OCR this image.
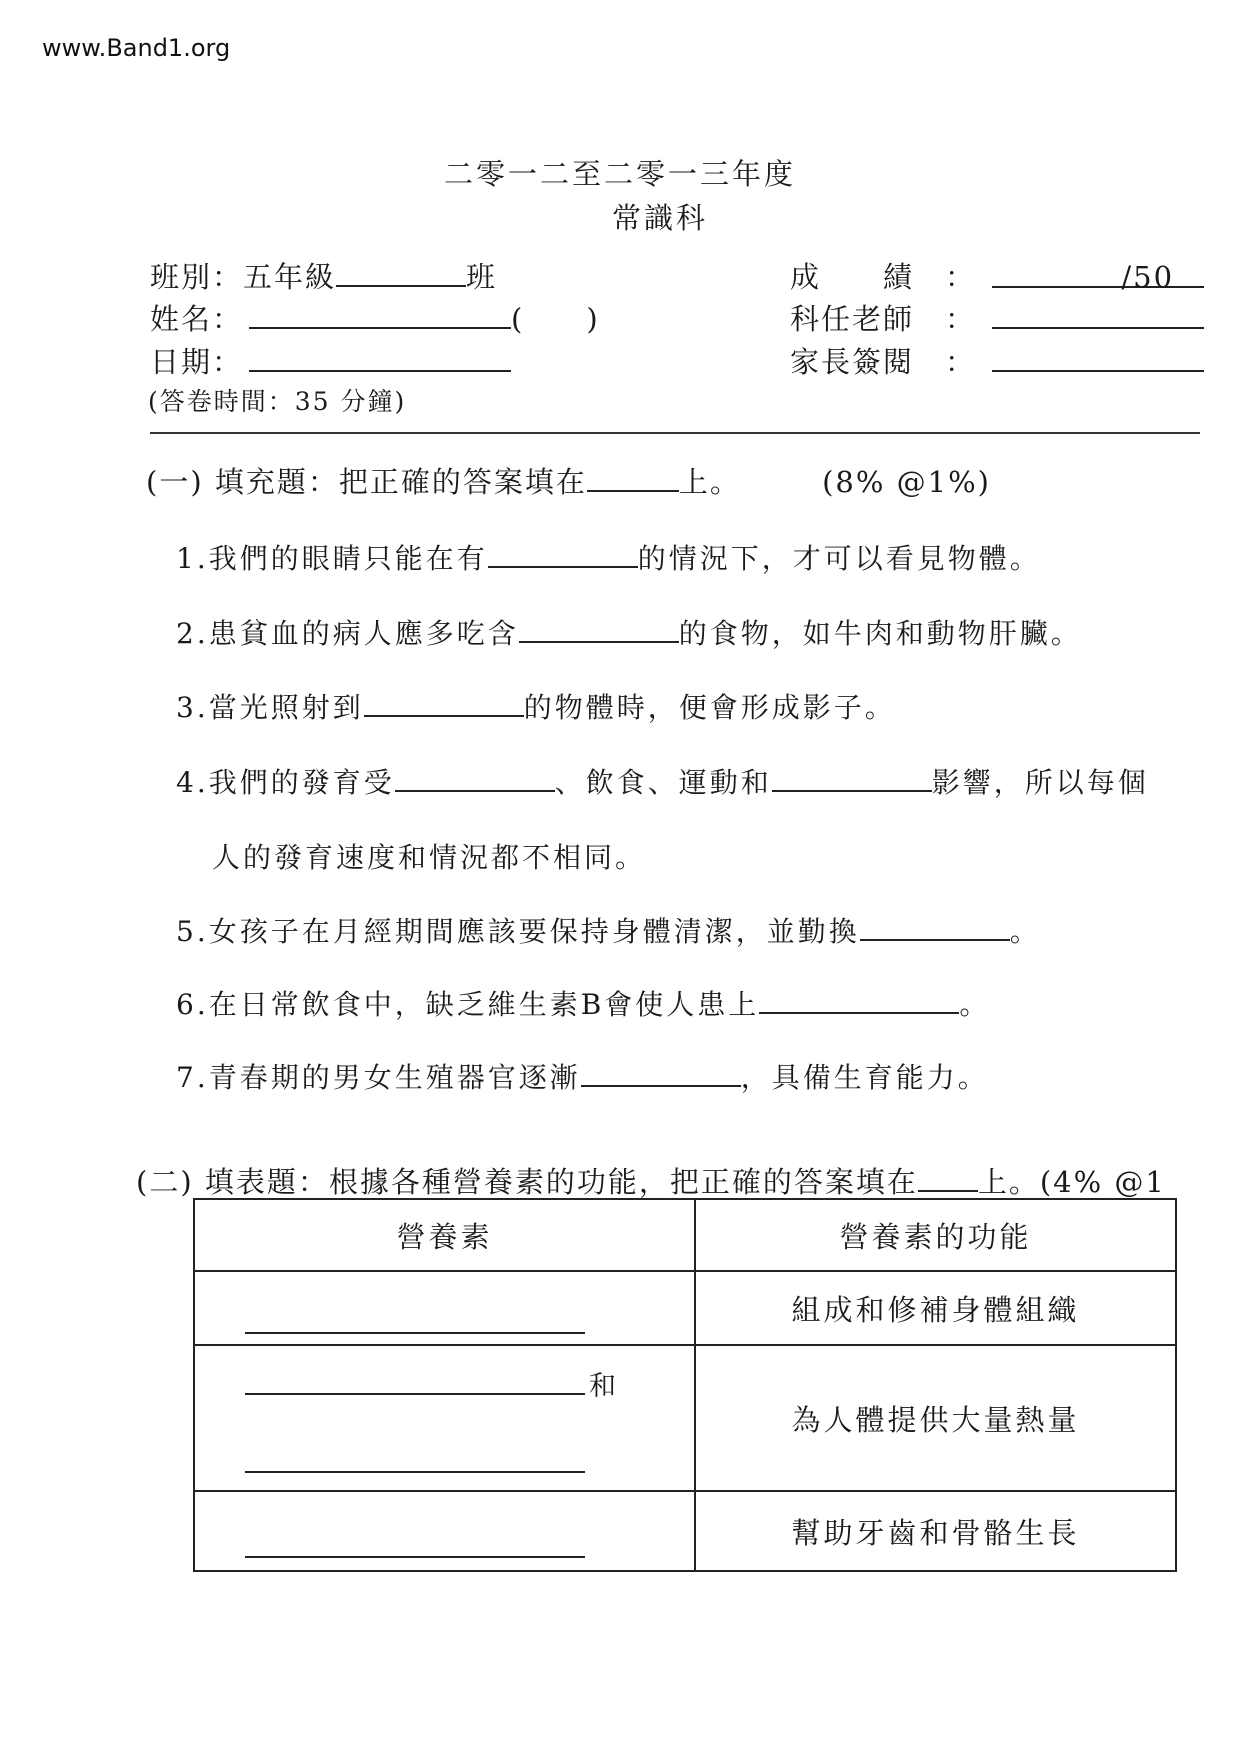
www.Band1.org
二零一二至二零一三年度
常識科
班別：五年級	班
姓名：	(　　)
日期：
(答卷時間：35 分鐘)
成　　績　：	/50
科任老師　：
家長簽閱　：
(一) 填充題：把正確的答案填在	上。	(8% @1%)
1.我們的眼睛只能在有	的情況下，才可以看見物體。
2.患貧血的病人應多吃含	的食物，如牛肉和動物肝臟。
3.當光照射到	的物體時，便會形成影子。
4.我們的發育受	、飲食、運動和	影響，所以每個
人的發育速度和情況都不相同。
5.女孩子在月經期間應該要保持身體清潔，並勤換	。
6.在日常飲食中，缺乏維生素B會使人患上	。
7.青春期的男女生殖器官逐漸	，具備生育能力。
(二) 填表題：根據各種營養素的功能，把正確的答案填在 上。(4% @1
營養素	營養素的功能
	組成和修補身體組織

和	為人體提供大量熱量
	幫助牙齒和骨骼生長
